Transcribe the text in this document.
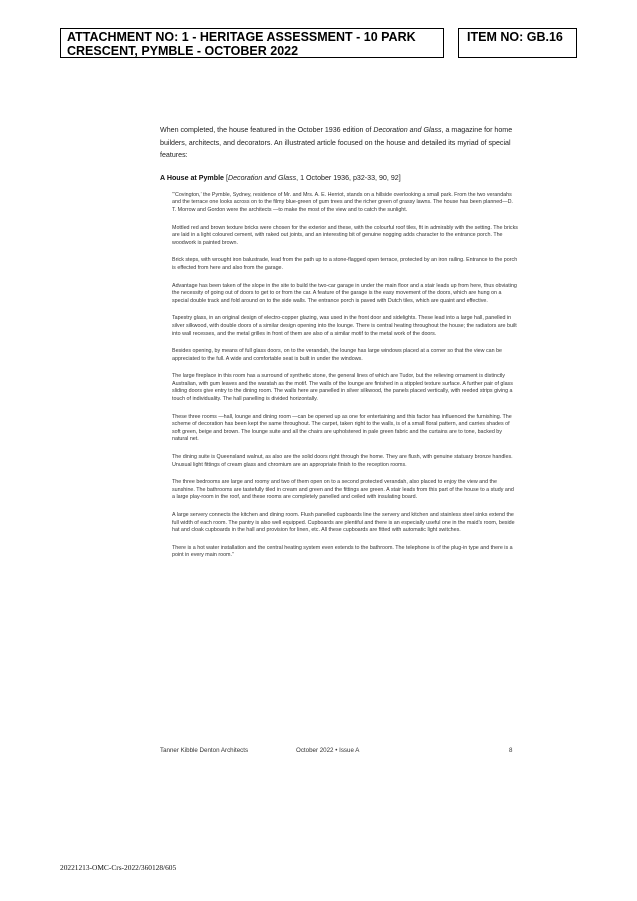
ATTACHMENT NO: 1 - HERITAGE ASSESSMENT - 10 PARK CRESCENT, PYMBLE - OCTOBER 2022
ITEM NO: GB.16

When completed, the house featured in the October 1936 edition of Decoration and Glass, a magazine for home builders, architects, and decorators. An illustrated article focused on the house and detailed its myriad of special features:

A House at Pymble [Decoration and Glass, 1 October 1936, p32-33, 90, 92]

“‘Covington,’ the Pymble, Sydney, residence of Mr. and Mrs. A. E. Herriot, stands on a hillside overlooking a small park. From the two verandahs and the terrace one looks across on to the filmy blue-green of gum trees and the richer green of grassy lawns. The house has been planned—D. T. Morrow and Gordon were the architects —to make the most of the view and to catch the sunlight.

Mottled red and brown texture bricks were chosen for the exterior and these, with the colourful roof tiles, fit in admirably with the setting. The bricks are laid in a light coloured cement, with raked out joints, and an interesting bit of genuine nogging adds character to the entrance porch. The woodwork is painted brown.

Brick steps, with wrought iron balustrade, lead from the path up to a stone-flagged open terrace, protected by an iron railing. Entrance to the porch is effected from here and also from the garage.

Advantage has been taken of the slope in the site to build the two-car garage in under the main floor and a stair leads up from here, thus obviating the necessity of going out of doors to get to or from the car. A feature of the garage is the easy movement of the doors, which are hung on a special double track and fold around on to the side walls. The entrance porch is paved with Dutch tiles, which are quaint and effective.

Tapestry glass, in an original design of electro-copper glazing, was used in the front door and sidelights. These lead into a large hall, panelled in silver silkwood, with double doors of a similar design opening into the lounge. There is central heating throughout the house; the radiators are built into wall recesses, and the metal grilles in front of them are also of a similar motif to the metal work of the doors.

Besides opening, by means of full glass doors, on to the verandah, the lounge has large windows placed at a corner so that the view can be appreciated to the full. A wide and comfortable seat is built in under the windows.

The large fireplace in this room has a surround of synthetic stone, the general lines of which are Tudor, but the relieving ornament is distinctly Australian, with gum leaves and the waratah as the motif. The walls of the lounge are finished in a stippled texture surface. A further pair of glass sliding doors give entry to the dining room. The walls here are panelled in silver silkwood, the panels placed vertically, with reeded strips giving a touch of individuality. The hall panelling is divided horizontally.

These three rooms —hall, lounge and dining room —can be opened up as one for entertaining and this factor has influenced the furnishing. The scheme of decoration has been kept the same throughout. The carpet, taken right to the walls, is of a small floral pattern, and carries shades of soft green, beige and brown. The lounge suite and all the chairs are upholstered in pale green fabric and the curtains are to tone, backed by natural net.

The dining suite is Queensland walnut, as also are the solid doors right through the home. They are flush, with genuine statuary bronze handles. Unusual light fittings of cream glass and chromium are an appropriate finish to the reception rooms.

The three bedrooms are large and roomy and two of them open on to a second protected verandah, also placed to enjoy the view and the sunshine. The bathrooms are tastefully tiled in cream and green and the fittings are green. A stair leads from this part of the house to a study and a large play-room in the roof, and these rooms are completely panelled and ceiled with insulating board.

A large servery connects the kitchen and dining room. Flush panelled cupboards line the servery and kitchen and stainless steel sinks extend the full width of each room. The pantry is also well equipped. Cupboards are plentiful and there is an especially useful one in the maid’s room, beside hat and cloak cupboards in the hall and provision for linen, etc. All these cupboards are fitted with automatic light switches.

There is a hot water installation and the central heating system even extends to the bathroom. The telephone is of the plug-in type and there is a point in every main room.”

Tanner Kibble Denton Architects	October 2022 • Issue A	8
20221213-OMC-Crs-2022/360128/605
